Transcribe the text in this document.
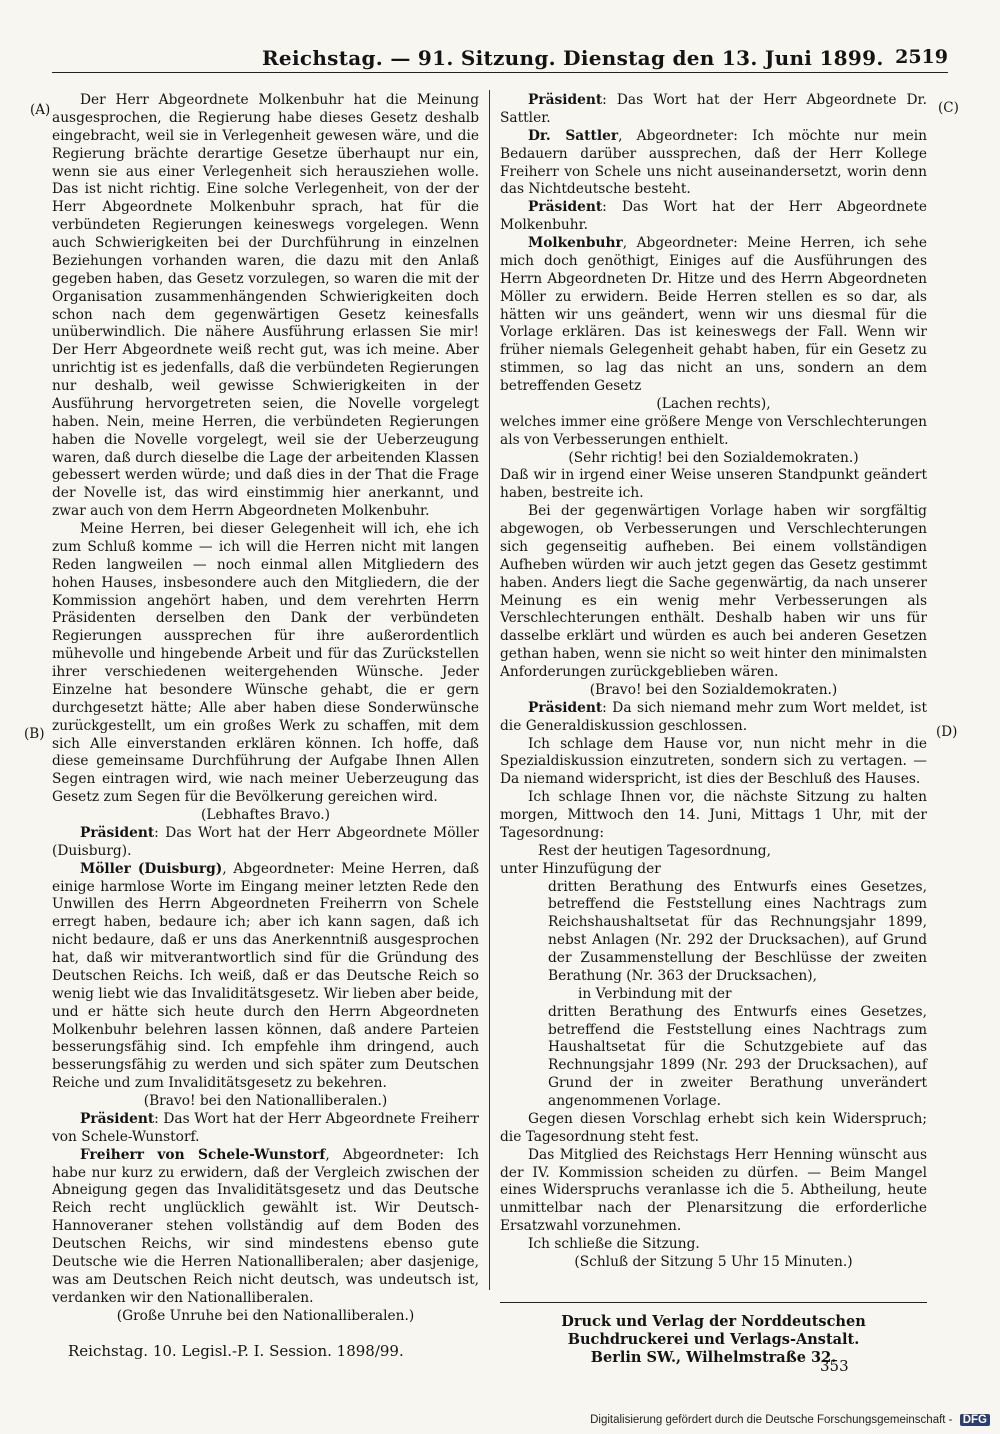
Reichstag. — 91. Sitzung. Dienstag den 13. Juni 1899. 2519
(A)	(C)
(B)	(D)

Der Herr Abgeordnete Molkenbuhr hat die Meinung ausgesprochen, die Regierung habe dieses Gesetz deshalb eingebracht, weil sie in Verlegenheit gewesen wäre, und die Regierung brächte derartige Gesetze überhaupt nur ein, wenn sie aus einer Verlegenheit sich herausziehen wolle. Das ist nicht richtig. Eine solche Verlegenheit, von der der Herr Abgeordnete Molkenbuhr sprach, hat für die verbündeten Regierungen keineswegs vorgelegen. Wenn auch Schwierigkeiten bei der Durchführung in einzelnen Beziehungen vorhanden waren, die dazu mit den Anlaß gegeben haben, das Gesetz vorzulegen, so waren die mit der Organisation zusammenhängenden Schwierigkeiten doch schon nach dem gegenwärtigen Gesetz keinesfalls unüberwindlich. Die nähere Ausführung erlassen Sie mir! Der Herr Abgeordnete weiß recht gut, was ich meine. Aber unrichtig ist es jedenfalls, daß die verbündeten Regierungen nur deshalb, weil gewisse Schwierigkeiten in der Ausführung hervorgetreten seien, die Novelle vorgelegt haben. Nein, meine Herren, die verbündeten Regierungen haben die Novelle vorgelegt, weil sie der Ueberzeugung waren, daß durch dieselbe die Lage der arbeitenden Klassen gebessert werden würde; und daß dies in der That die Frage der Novelle ist, das wird einstimmig hier anerkannt, und zwar auch von dem Herrn Abgeordneten Molkenbuhr.

Meine Herren, bei dieser Gelegenheit will ich, ehe ich zum Schluß komme — ich will die Herren nicht mit langen Reden langweilen — noch einmal allen Mitgliedern des hohen Hauses, insbesondere auch den Mitgliedern, die der Kommission angehört haben, und dem verehrten Herrn Präsidenten derselben den Dank der verbündeten Regierungen aussprechen für ihre außerordentlich mühevolle und hingebende Arbeit und für das Zurückstellen ihrer verschiedenen weitergehenden Wünsche. Jeder Einzelne hat besondere Wünsche gehabt, die er gern durchgesetzt hätte; Alle aber haben diese Sonderwünsche zurückgestellt, um ein großes Werk zu schaffen, mit dem sich Alle einverstanden erklären können. Ich hoffe, daß diese gemeinsame Durchführung der Aufgabe Ihnen Allen Segen eintragen wird, wie nach meiner Ueberzeugung das Gesetz zum Segen für die Bevölkerung gereichen wird.

(Lebhaftes Bravo.)

Präsident: Das Wort hat der Herr Abgeordnete Möller (Duisburg).

Möller (Duisburg), Abgeordneter: Meine Herren, daß einige harmlose Worte im Eingang meiner letzten Rede den Unwillen des Herrn Abgeordneten Freiherrn von Schele erregt haben, bedaure ich; aber ich kann sagen, daß ich nicht bedaure, daß er uns das Anerkenntniß ausgesprochen hat, daß wir mitverantwortlich sind für die Gründung des Deutschen Reichs. Ich weiß, daß er das Deutsche Reich so wenig liebt wie das Invaliditätsgesetz. Wir lieben aber beide, und er hätte sich heute durch den Herrn Abgeordneten Molkenbuhr belehren lassen können, daß andere Parteien besserungsfähig sind. Ich empfehle ihm dringend, auch besserungsfähig zu werden und sich später zum Deutschen Reiche und zum Invaliditätsgesetz zu bekehren.

(Bravo! bei den Nationalliberalen.)

Präsident: Das Wort hat der Herr Abgeordnete Freiherr von Schele-Wunstorf.

Freiherr von Schele-Wunstorf, Abgeordneter: Ich habe nur kurz zu erwidern, daß der Vergleich zwischen der Abneigung gegen das Invaliditätsgesetz und das Deutsche Reich recht unglücklich gewählt ist. Wir Deutsch-Hannoveraner stehen vollständig auf dem Boden des Deutschen Reichs, wir sind mindestens ebenso gute Deutsche wie die Herren Nationalliberalen; aber dasjenige, was am Deutschen Reich nicht deutsch, was undeutsch ist, verdanken wir den Nationalliberalen.

(Große Unruhe bei den Nationalliberalen.)

Präsident: Das Wort hat der Herr Abgeordnete Dr. Sattler.

Dr. Sattler, Abgeordneter: Ich möchte nur mein Bedauern darüber aussprechen, daß der Herr Kollege Freiherr von Schele uns nicht auseinandersetzt, worin denn das Nichtdeutsche besteht.

Präsident: Das Wort hat der Herr Abgeordnete Molkenbuhr.

Molkenbuhr, Abgeordneter: Meine Herren, ich sehe mich doch genöthigt, Einiges auf die Ausführungen des Herrn Abgeordneten Dr. Hitze und des Herrn Abgeordneten Möller zu erwidern. Beide Herren stellen es so dar, als hätten wir uns geändert, wenn wir uns diesmal für die Vorlage erklären. Das ist keineswegs der Fall. Wenn wir früher niemals Gelegenheit gehabt haben, für ein Gesetz zu stimmen, so lag das nicht an uns, sondern an dem betreffenden Gesetz

(Lachen rechts),

welches immer eine größere Menge von Verschlechterungen als von Verbesserungen enthielt.

(Sehr richtig! bei den Sozialdemokraten.)

Daß wir in irgend einer Weise unseren Standpunkt geändert haben, bestreite ich.

Bei der gegenwärtigen Vorlage haben wir sorgfältig abgewogen, ob Verbesserungen und Verschlechterungen sich gegenseitig aufheben. Bei einem vollständigen Aufheben würden wir auch jetzt gegen das Gesetz gestimmt haben. Anders liegt die Sache gegenwärtig, da nach unserer Meinung es ein wenig mehr Verbesserungen als Verschlechterungen enthält. Deshalb haben wir uns für dasselbe erklärt und würden es auch bei anderen Gesetzen gethan haben, wenn sie nicht so weit hinter den minimalsten Anforderungen zurückgeblieben wären.

(Bravo! bei den Sozialdemokraten.)

Präsident: Da sich niemand mehr zum Wort meldet, ist die Generaldiskussion geschlossen.

Ich schlage dem Hause vor, nun nicht mehr in die Spezialdiskussion einzutreten, sondern sich zu vertagen. — Da niemand widerspricht, ist dies der Beschluß des Hauses.

Ich schlage Ihnen vor, die nächste Sitzung zu halten morgen, Mittwoch den 14. Juni, Mittags 1 Uhr, mit der Tagesordnung:

Rest der heutigen Tagesordnung,

unter Hinzufügung der

dritten Berathung des Entwurfs eines Gesetzes, betreffend die Feststellung eines Nachtrags zum Reichshaushaltsetat für das Rechnungsjahr 1899, nebst Anlagen (Nr. 292 der Drucksachen), auf Grund der Zusammenstellung der Beschlüsse der zweiten Berathung (Nr. 363 der Drucksachen),

in Verbindung mit der

dritten Berathung des Entwurfs eines Gesetzes, betreffend die Feststellung eines Nachtrags zum Haushaltsetat für die Schutzgebiete auf das Rechnungsjahr 1899 (Nr. 293 der Drucksachen), auf Grund der in zweiter Berathung unverändert angenommenen Vorlage.

Gegen diesen Vorschlag erhebt sich kein Widerspruch; die Tagesordnung steht fest.

Das Mitglied des Reichstags Herr Henning wünscht aus der IV. Kommission scheiden zu dürfen. — Beim Mangel eines Widerspruchs veranlasse ich die 5. Abtheilung, heute unmittelbar nach der Plenarsitzung die erforderliche Ersatzwahl vorzunehmen.

Ich schließe die Sitzung.

(Schluß der Sitzung 5 Uhr 15 Minuten.)

Druck und Verlag der Norddeutschen Buchdruckerei und Verlags-Anstalt.
Berlin SW., Wilhelmstraße 32.
Reichstag. 10. Legisl.-P. I. Session. 1898/99.
353
Digitalisierung gefördert durch die Deutsche Forschungsgemeinschaft - DFG
